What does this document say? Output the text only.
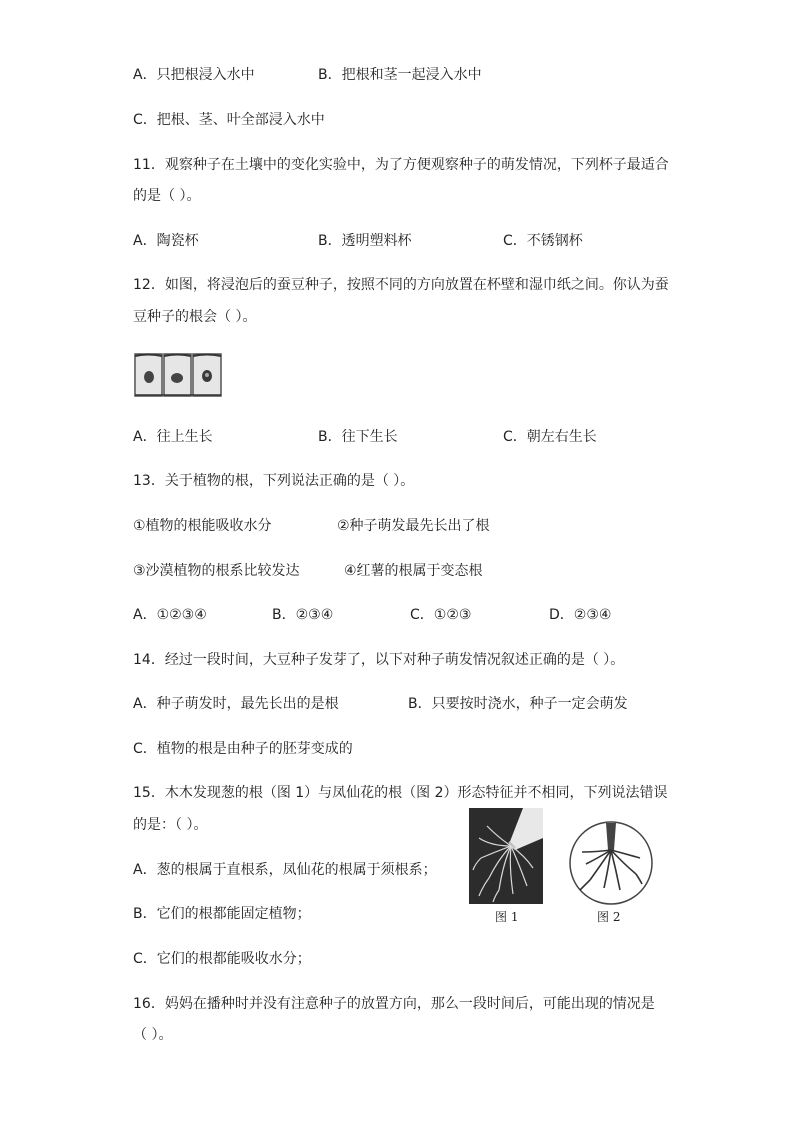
A．只把根浸入水中	B．把根和茎一起浸入水中
C．把根、茎、叶全部浸入水中
11．观察种子在土壤中的变化实验中，为了方便观察种子的萌发情况，下列杯子最适合
的是（ ）。
A．陶瓷杯	B．透明塑料杯	C．不锈钢杯
12．如图，将浸泡后的蚕豆种子，按照不同的方向放置在杯壁和湿巾纸之间。你认为蚕
豆种子的根会（ ）。
A．往上生长	B．往下生长	C．朝左右生长
13．关于植物的根，下列说法正确的是（ ）。
①植物的根能吸收水分	②种子萌发最先长出了根
③沙漠植物的根系比较发达	④红薯的根属于变态根
A．①②③④	B．②③④	C．①②③	D．②③④
14．经过一段时间，大豆种子发芽了，以下对种子萌发情况叙述正确的是（ ）。
A．种子萌发时，最先长出的是根	B．只要按时浇水，种子一定会萌发
C．植物的根是由种子的胚芽变成的
15．木木发现葱的根（图 1）与凤仙花的根（图 2）形态特征并不相同，下列说法错误
的是：（ ）。
A．葱的根属于直根系，凤仙花的根属于须根系；
B．它们的根都能固定植物；
C．它们的根都能吸收水分；
图 1	图 2
16．妈妈在播种时并没有注意种子的放置方向，那么一段时间后，可能出现的情况是
（ ）。
